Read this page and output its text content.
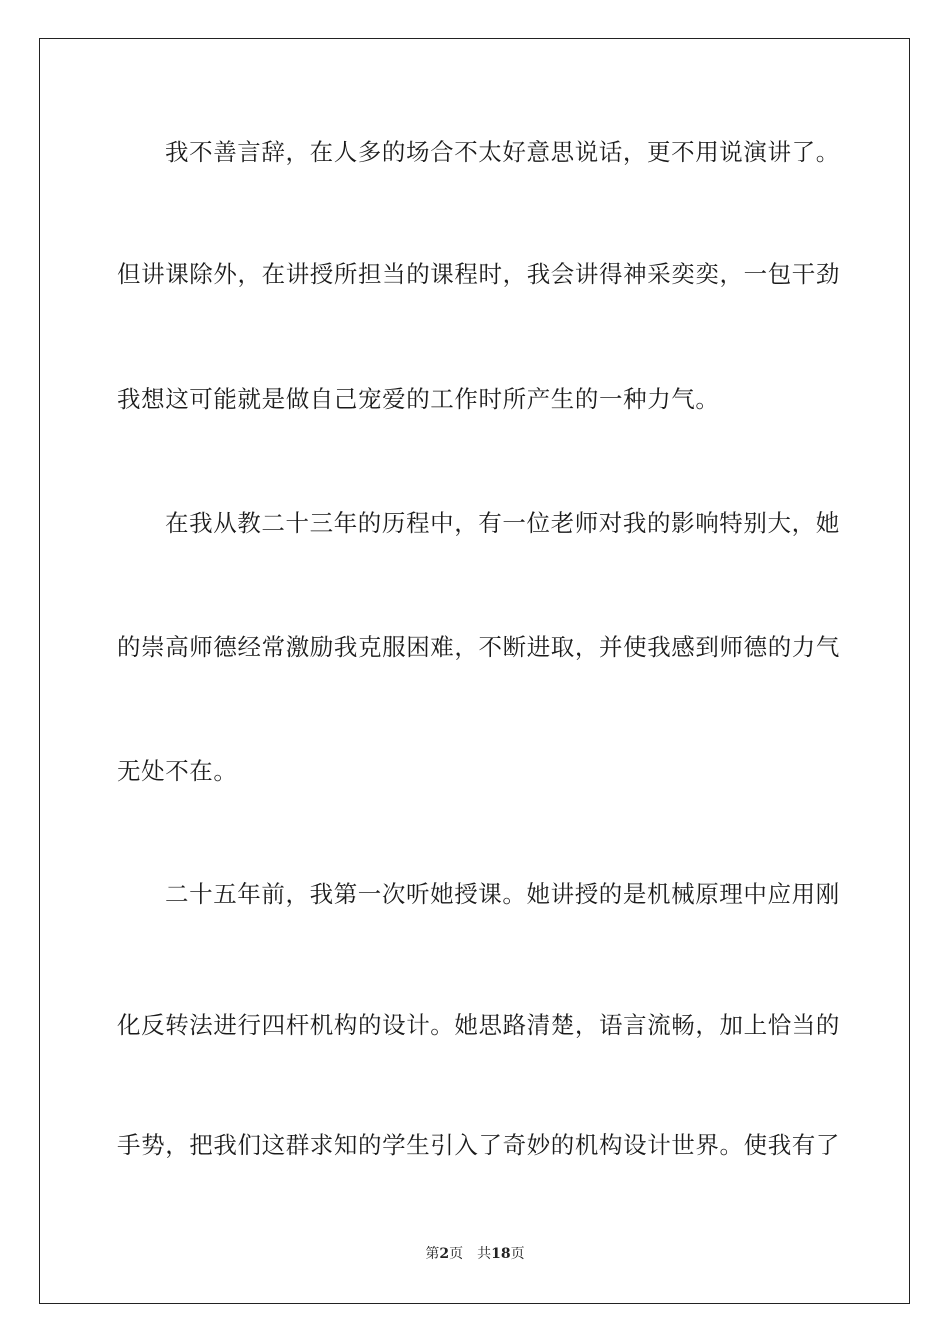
我不善言辞，在人多的场合不太好意思说话，更不用说演讲了。
但讲课除外，在讲授所担当的课程时，我会讲得神采奕奕，一包干劲
我想这可能就是做自己宠爱的工作时所产生的一种力气。
在我从教二十三年的历程中，有一位老师对我的影响特别大，她
的崇高师德经常激励我克服困难，不断进取，并使我感到师德的力气
无处不在。
二十五年前，我第一次听她授课。她讲授的是机械原理中应用刚
化反转法进行四杆机构的设计。她思路清楚，语言流畅，加上恰当的
手势，把我们这群求知的学生引入了奇妙的机构设计世界。使我有了
第2页 共18页
